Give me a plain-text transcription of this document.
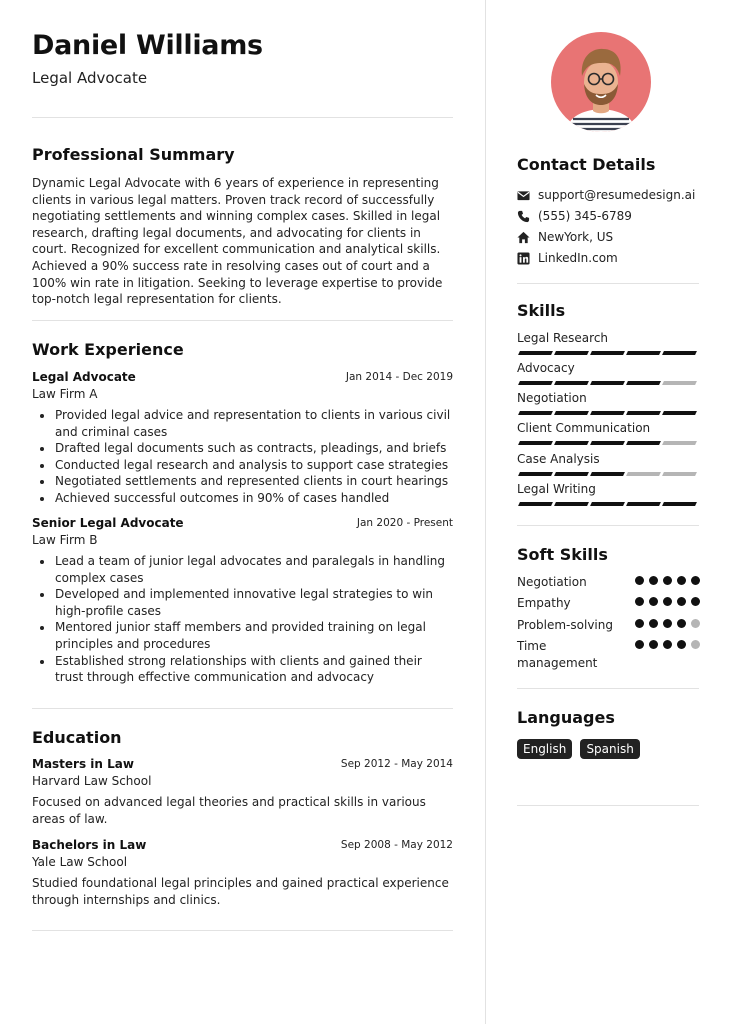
Daniel Williams
Legal Advocate
Professional Summary
Dynamic Legal Advocate with 6 years of experience in representing clients in various legal matters. Proven track record of successfully negotiating settlements and winning complex cases. Skilled in legal research, drafting legal documents, and advocating for clients in court. Recognized for excellent communication and analytical skills. Achieved a 90% success rate in resolving cases out of court and a 100% win rate in litigation. Seeking to leverage expertise to provide top-notch legal representation for clients.
Work Experience
Legal Advocate	Jan 2014 - Dec 2019
Law Firm A
Provided legal advice and representation to clients in various civil and criminal cases
Drafted legal documents such as contracts, pleadings, and briefs
Conducted legal research and analysis to support case strategies
Negotiated settlements and represented clients in court hearings
Achieved successful outcomes in 90% of cases handled
Senior Legal Advocate	Jan 2020 - Present
Law Firm B
Lead a team of junior legal advocates and paralegals in handling complex cases
Developed and implemented innovative legal strategies to win high-profile cases
Mentored junior staff members and provided training on legal principles and procedures
Established strong relationships with clients and gained their trust through effective communication and advocacy
Education
Masters in Law	Sep 2012 - May 2014
Harvard Law School
Focused on advanced legal theories and practical skills in various areas of law.
Bachelors in Law	Sep 2008 - May 2012
Yale Law School
Studied foundational legal principles and gained practical experience through internships and clinics.
Contact Details
support@resumedesign.ai
(555) 345-6789
NewYork, US
LinkedIn.com
Skills
Legal Research
Advocacy
Negotiation
Client Communication
Case Analysis
Legal Writing
Soft Skills
Negotiation
Empathy
Problem-solving
Time management
Languages
English Spanish
